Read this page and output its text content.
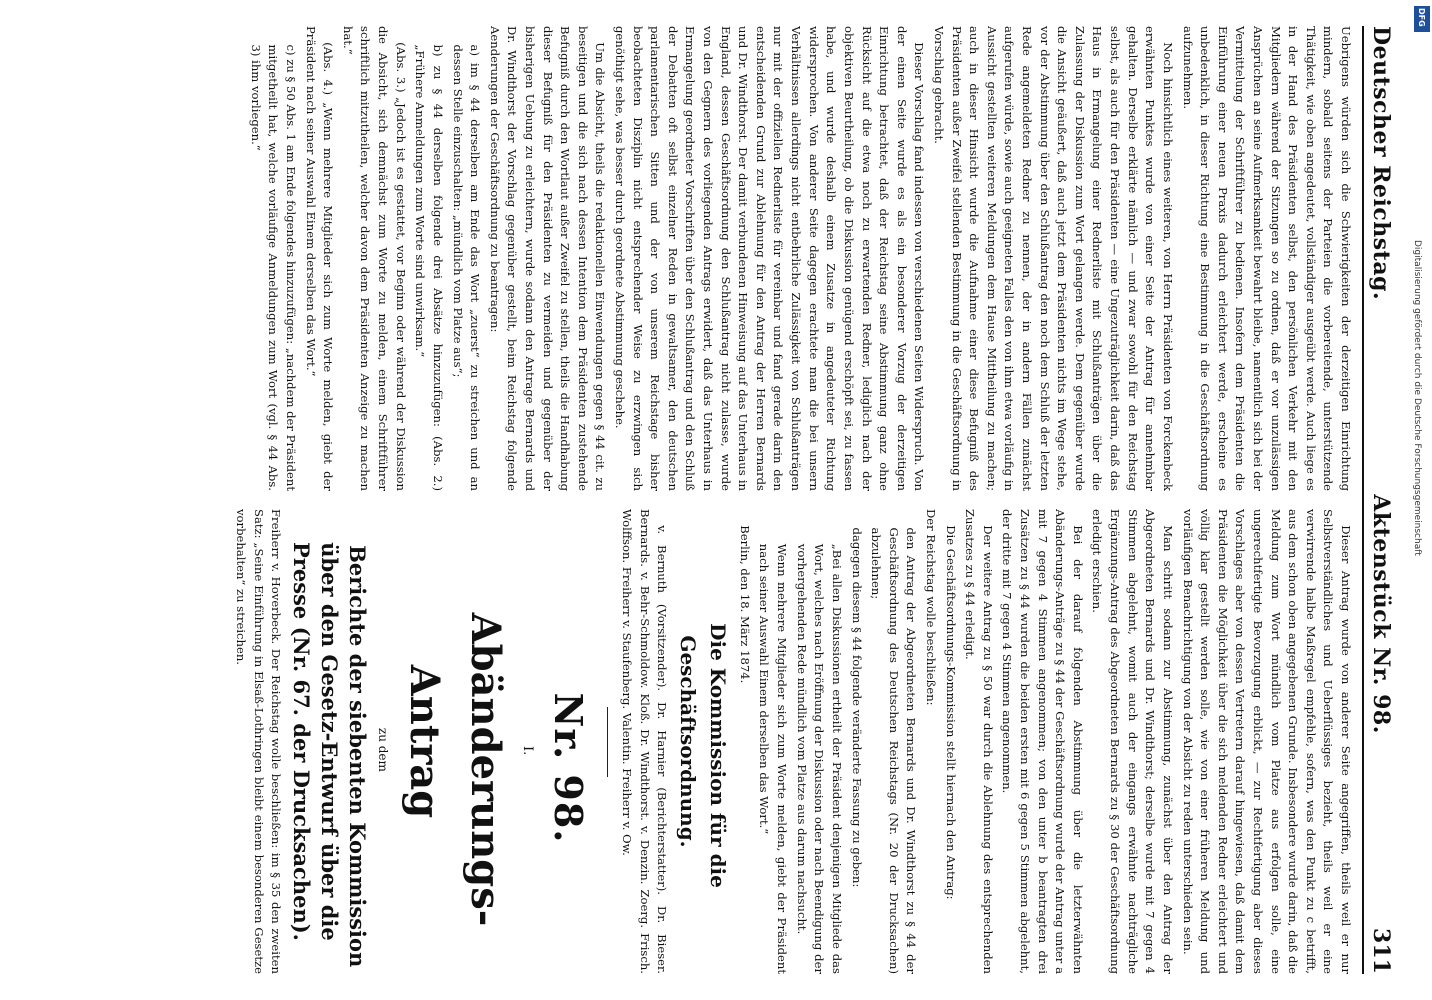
Deutscher Reichstag.
Aktenstück Nr. 98.
311

Uebrigens würden sich die Schwierigkeiten der derzeitigen Einrichtung mindern, sobald seitens der Parteien die vorbereitende, unterstützende Thätigkeit, wie oben angedeutet, vollständiger ausgeübt werde. Auch liege es in der Hand des Präsidenten selbst, den persönlichen Verkehr mit den Mitgliedern während der Sitzungen so zu ordnen, daß er vor unzulässigen Ansprüchen an seine Aufmerksamkeit bewahrt bleibe, namentlich sich bei der Vermittelung der Schriftführer zu bedienen. Insofern dem Präsidenten die Einführung einer neuen Praxis dadurch erleichtert werde, erscheine es unbedenklich, in dieser Richtung eine Bestimmung in die Geschäftsordnung aufzunehmen.

Noch hinsichtlich eines weiteren, von Herrn Präsidenten von Forckenbeck erwähnten Punktes wurde von einer Seite der Antrag für annehmbar gehalten. Derselbe erklärte nämlich — und zwar sowohl für den Reichstag selbst, als auch für den Präsidenten — eine Ungezuträglichkeit darin, daß das Haus in Ermangelung einer Rednerliste mit Schlußanträgen über die Zulassung der Diskussion zum Wort gelangen werde. Dem gegenüber wurde die Ansicht geäußert, daß auch jetzt dem Präsidenten nichts im Wege stehe, vor der Abstimmung über den Schlußantrag den noch dem Schluß der letzten Rede angemeldeten Redner zu nennen, der in andern Fällen zunächst aufgerufen würde, sowie auch geeigneten Falles den von ihm etwa vorläufig in Aussicht gestellten weiteren Meldungen dem Hause Mittheilung zu machen; auch in dieser Hinsicht wurde die Aufnahme einer diese Befugniß des Präsidenten außer Zweifel stellenden Bestimmung in die Geschäftsordnung in Vorschlag gebracht.

Dieser Vorschlag fand indessen von verschiedenen Seiten Widerspruch. Von der einen Seite wurde es als ein besonderer Vorzug der derzeitigen Einrichtung betrachtet, daß der Reichstag seine Abstimmung ganz ohne Rücksicht auf die etwa noch zu erwartenden Redner, lediglich nach der objektiven Beurtheilung, ob die Diskussion genügend erschöpft sei, zu fassen habe, und wurde deshalb einem Zusatze in angedeuteter Richtung widersprochen. Von anderer Seite dagegen erachtete man die bei unsern Verhältnissen allerdings nicht entbehrliche Zulässigkeit von Schlußanträgen nur mit der offiziellen Rednerliste für vereinbar und fand gerade darin den entscheidenden Grund zur Ablehnung für den Antrag der Herren Bernards und Dr. Windthorst. Der damit verbundenen Hinweisung auf das Unterhaus in England, dessen Geschäftsordnung den Schlußantrag nicht zulasse, wurde von den Gegnern des vorliegenden Antrags erwidert, daß das Unterhaus in Ermangelung geordneter Vorschriften über den Schlußantrag und den Schluß der Debatten oft selbst einzelner Reden in gewaltsamer, den deutschen parlamentarischen Sitten und der von unserem Reichstage bisher beobachteten Disziplin nicht entsprechender Weise zu erzwingen sich genöthigt sehe, was besser durch geordnete Abstimmung geschehe.

Um die Absicht, theils die redaktionellen Einwendungen gegen § 44 cit. zu beseitigen und die sich nach dessen Intention dem Präsidenten zustehende Befugniß durch den Wortlaut außer Zweifel zu stellen, theils die Handhabung dieser Befugniß für den Präsidenten zu vermeiden und gegenüber der bisherigen Uebung zu erleichtern, wurde sodann den Antrage Bernards und Dr. Windthorst der Vorschlag gegenüber gestellt, beim Reichstag folgende Aenderungen der Geschäftsordnung zu beantragen:

a) im § 44 derselben am Ende das Wort „zuerst“ zu streichen und an dessen Stelle einzuschalten: „mündlich vom Platze aus“;

b) zu § 44 derselben folgende drei Absätze hinzuzufügen: (Abs. 2.) „Frühere Anmeldungen zum Worte sind unwirksam.“

(Abs. 3.) „Jedoch ist es gestattet, vor Beginn oder während der Diskussion die Absicht, sich demnächst zum Worte zu melden, einem Schriftführer schriftlich mitzutheilen, welcher davon dem Präsidenten Anzeige zu machen hat.“

(Abs. 4.) „Wenn mehrere Mitglieder sich zum Worte melden, giebt der Präsident nach seiner Auswahl Einem derselben das Wort.“

c) zu § 50 Abs. 1 am Ende folgendes hinzuzufügen: „nachdem der Präsident mitgetheilt hat, welche vorläufige Anmeldungen zum Wort (vgl. § 44 Abs. 3) ihm vorliegen.“

Dieser Antrag wurde von anderer Seite angegriffen, theils weil er nur Selbstverständliches und Ueberflüssiges bezieht, theils weil er eine verwirrende halbe Maßregel empfehle, sofern, was den Punkt zu c betrifft, aus dem schon oben angegebenen Grunde. Insbesondere wurde darin, daß die Meldung zum Wort mündlich vom Platze aus erfolgen solle, eine ungerechtfertigte Bevorzugung erblickt, — zur Rechtfertigung aber dieses Vorschlages aber von dessen Vertretern darauf hingewiesen, daß damit dem Präsidenten die Möglichkeit über die sich meldenden Redner erleichtert und völlig klar gestellt werden solle, wie von einer früheren Meldung und vorläufigen Benachrichtigung von der Absicht zu reden unterschieden sein.

Man schritt sodann zur Abstimmung, zunächst über den Antrag der Abgeordneten Bernards und Dr. Windthorst; derselbe wurde mit 7 gegen 4 Stimmen abgelehnt, womit auch der eingangs erwähnte nachträgliche Ergänzungs-Antrag des Abgeordneten Bernards zu § 30 der Geschäftsordnung erledigt erschien.

Bei der darauf folgenden Abstimmung über die letzterwähnten Abänderungs-Anträge zu § 44 der Geschäftsordnung wurde der Antrag unter a mit 7 gegen 4 Stimmen angenommen; von den unter b beantragten drei Zusätzen zu § 44 wurden die beiden ersten mit 6 gegen 5 Stimmen abgelehnt, der dritte mit 7 gegen 4 Stimmen angenommen.

Der weitere Antrag zu § 50 war durch die Ablehnung des entsprechenden Zusatzes zu § 44 erledigt.

Die Geschäftsordnungs-Kommission stellt hiernach den Antrag:

Der Reichstag wolle beschließen:

den Antrag der Abgeordneten Bernards und Dr. Windthorst zu § 44 der Geschäftsordnung des Deutschen Reichstags (Nr. 20 der Drucksachen) abzulehnen;

dagegen diesem § 44 folgende veränderte Fassung zu geben:

„Bei allen Diskussionen ertheilt der Präsident denjenigen Mitgliede das Wort, welches nach Eröffnung der Diskussion oder nach Beendigung der vorhergehenden Rede mündlich vom Platze aus darum nachsucht.

Wenn mehrere Mitglieder sich zum Worte melden, giebt der Präsident nach seiner Auswahl Einem derselben das Wort.“

Berlin, den 18. März 1874.

Die Kommission für die Geschäftsordnung.

v. Bernuth (Vorsitzender). Dr. Harnier (Berichterstatter). Dr. Bieser. Bernards. v. Behr-Schmoldow. Kloß. Dr. Windthorst. v. Denzin. Zoerg. Frisch. Wolffson. Freiherr v. Staufenberg. Valentin. Freiherr v. Ow.

Nr. 98.

I.

Abänderungs-Antrag

zu dem

Berichte der siebenten Kommission über den Gesetz-Entwurf über die Presse (Nr. 67. der Drucksachen).

Freiherr v. Hoverbeck. Der Reichstag wolle beschließen: im § 35 den zweiten Satz: „Seine Einführung in Elsaß-Lothringen bleibt einem besonderen Gesetze vorbehalten“ zu streichen.

DFG
Digitalisierung gefördert durch die Deutsche Forschungsgemeinschaft
